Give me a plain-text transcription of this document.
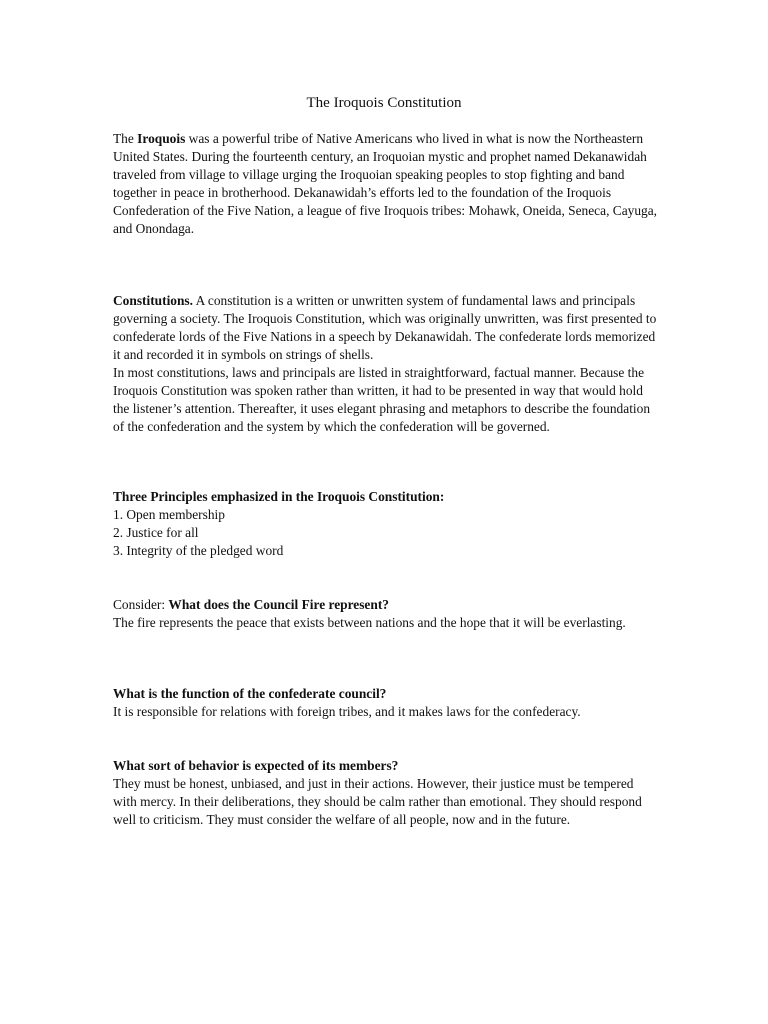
The Iroquois Constitution

The Iroquois was a powerful tribe of Native Americans who lived in what is now the Northeastern United States. During the fourteenth century, an Iroquoian mystic and prophet named Dekanawidah traveled from village to village urging the Iroquoian speaking peoples to stop fighting and band together in peace in brotherhood. Dekanawidah’s efforts led to the foundation of the Iroquois Confederation of the Five Nation, a league of five Iroquois tribes: Mohawk, Oneida, Seneca, Cayuga, and Onondaga.

Constitutions. A constitution is a written or unwritten system of fundamental laws and principals governing a society. The Iroquois Constitution, which was originally unwritten, was first presented to confederate lords of the Five Nations in a speech by Dekanawidah. The confederate lords memorized it and recorded it in symbols on strings of shells.

In most constitutions, laws and principals are listed in straightforward, factual manner. Because the Iroquois Constitution was spoken rather than written, it had to be presented in way that would hold the listener’s attention. Thereafter, it uses elegant phrasing and metaphors to describe the foundation of the confederation and the system by which the confederation will be governed.

Three Principles emphasized in the Iroquois Constitution:

1. Open membership
2. Justice for all
3. Integrity of the pledged word

Consider: What does the Council Fire represent?

The fire represents the peace that exists between nations and the hope that it will be everlasting.

What is the function of the confederate council?

It is responsible for relations with foreign tribes, and it makes laws for the confederacy.

What sort of behavior is expected of its members?

They must be honest, unbiased, and just in their actions. However, their justice must be tempered with mercy. In their deliberations, they should be calm rather than emotional. They should respond well to criticism. They must consider the welfare of all people, now and in the future.
